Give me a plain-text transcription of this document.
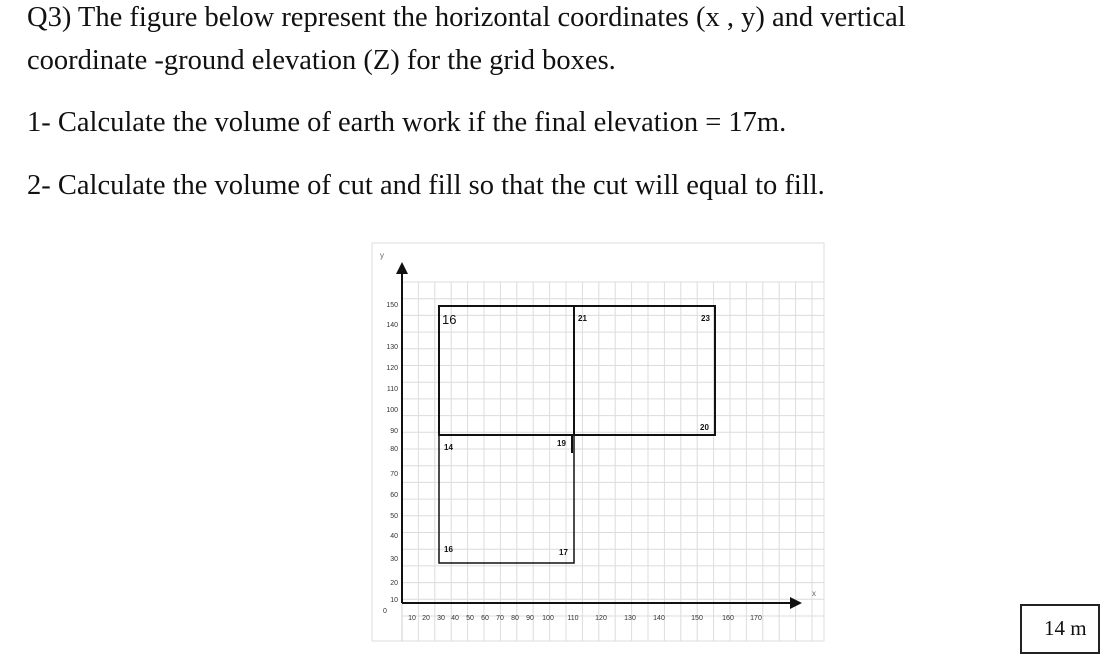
Q3) The figure below represent the horizontal coordinates (x , y) and vertical

coordinate -ground elevation (Z) for the grid boxes.

1- Calculate the volume of earth work if the final elevation = 17m.

2- Calculate the volume of cut and fill so that the cut will equal to fill.

y
x
0
10
20
30
40
50
60
70
80
90
100
110
120
130
140
150
10 20 30 40 50 60 70 80 90 100 110 120 130 140	150	160 170
16	21	23
20
14	19
16	17
14 m
